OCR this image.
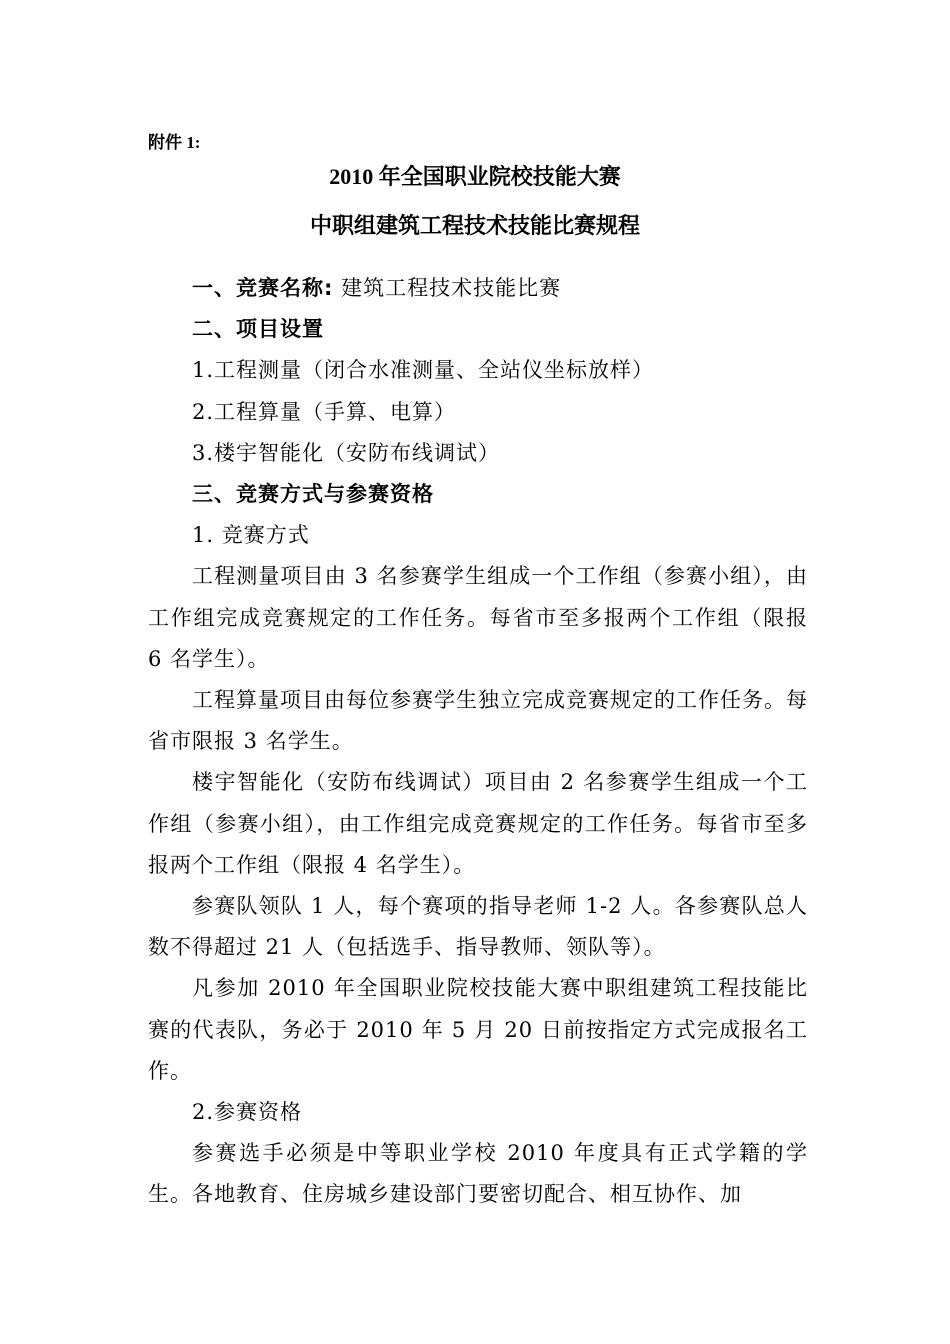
附件 1:
2010 年全国职业院校技能大赛
中职组建筑工程技术技能比赛规程

一、竞赛名称: 建筑工程技术技能比赛

二、项目设置

1.工程测量（闭合水准测量、全站仪坐标放样）

2.工程算量（手算、电算）

3.楼宇智能化（安防布线调试）

三、竞赛方式与参赛资格

1. 竞赛方式

工程测量项目由 3 名参赛学生组成一个工作组（参赛小组），由工作组完成竞赛规定的工作任务。每省市至多报两个工作组（限报 6 名学生）。

工程算量项目由每位参赛学生独立完成竞赛规定的工作任务。每省市限报 3 名学生。

楼宇智能化（安防布线调试）项目由 2 名参赛学生组成一个工作组（参赛小组），由工作组完成竞赛规定的工作任务。每省市至多报两个工作组（限报 4 名学生）。

参赛队领队 1 人，每个赛项的指导老师 1-2 人。各参赛队总人数不得超过 21 人（包括选手、指导教师、领队等）。

凡参加 2010 年全国职业院校技能大赛中职组建筑工程技能比赛的代表队，务必于 2010 年 5 月 20 日前按指定方式完成报名工作。

2.参赛资格

参赛选手必须是中等职业学校 2010 年度具有正式学籍的学生。各地教育、住房城乡建设部门要密切配合、相互协作、加
